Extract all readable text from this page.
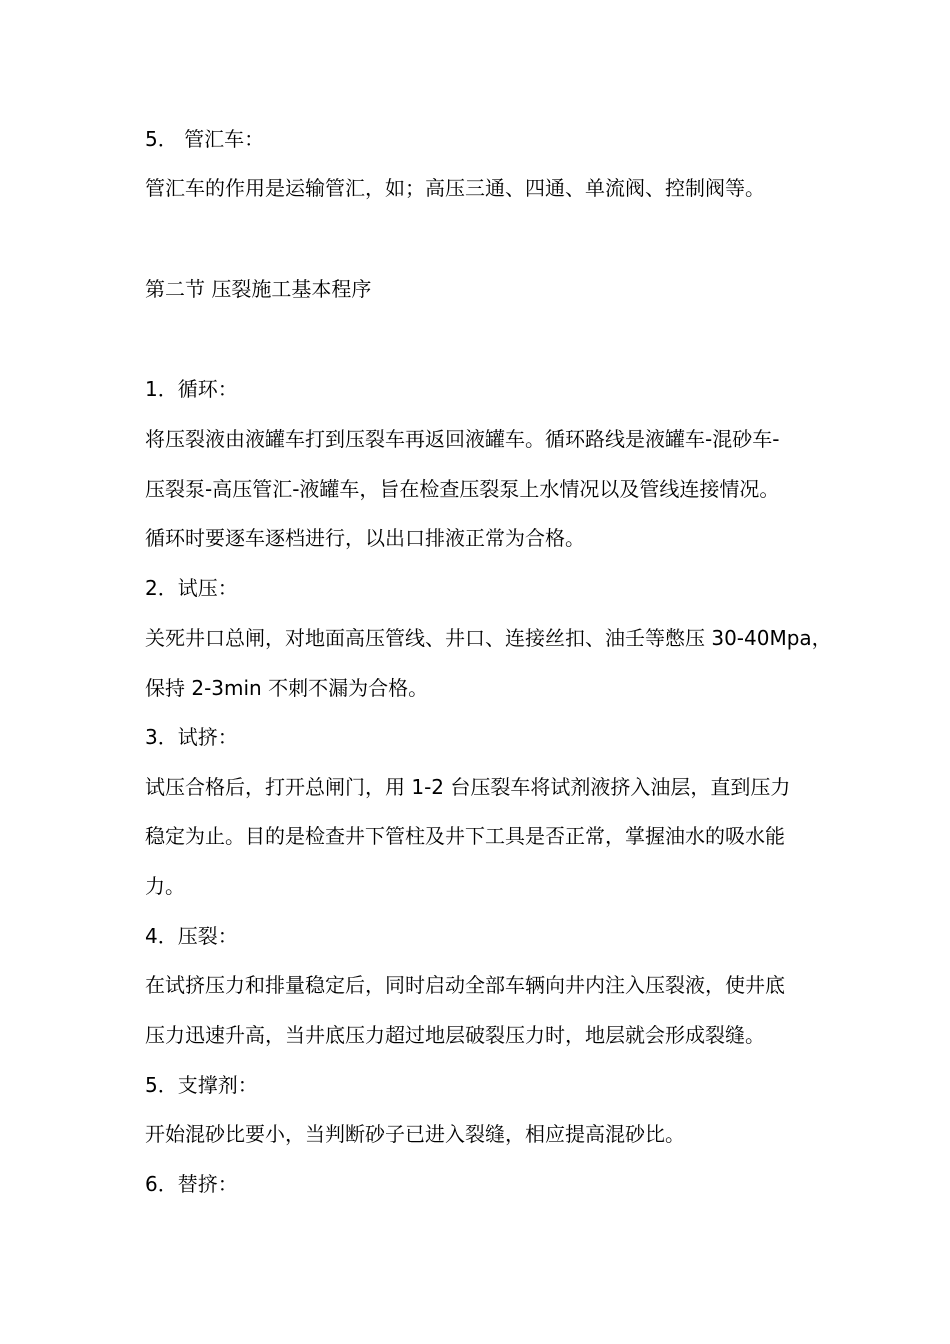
5． 管汇车：
管汇车的作用是运输管汇，如；高压三通、四通、单流阀、控制阀等。
第二节 压裂施工基本程序
1．循环：
将压裂液由液罐车打到压裂车再返回液罐车。循环路线是液罐车-混砂车-
压裂泵-高压管汇-液罐车，旨在检查压裂泵上水情况以及管线连接情况。
循环时要逐车逐档进行，以出口排液正常为合格。
2．试压：
关死井口总闸，对地面高压管线、井口、连接丝扣、油壬等憋压 30-40Mpa，
保持 2-3min 不刺不漏为合格。
3．试挤：
试压合格后，打开总闸门，用 1-2 台压裂车将试剂液挤入油层，直到压力
稳定为止。目的是检查井下管柱及井下工具是否正常，掌握油水的吸水能
力。
4．压裂：
在试挤压力和排量稳定后，同时启动全部车辆向井内注入压裂液，使井底
压力迅速升高，当井底压力超过地层破裂压力时，地层就会形成裂缝。
5．支撑剂：
开始混砂比要小，当判断砂子已进入裂缝，相应提高混砂比。
6．替挤：
